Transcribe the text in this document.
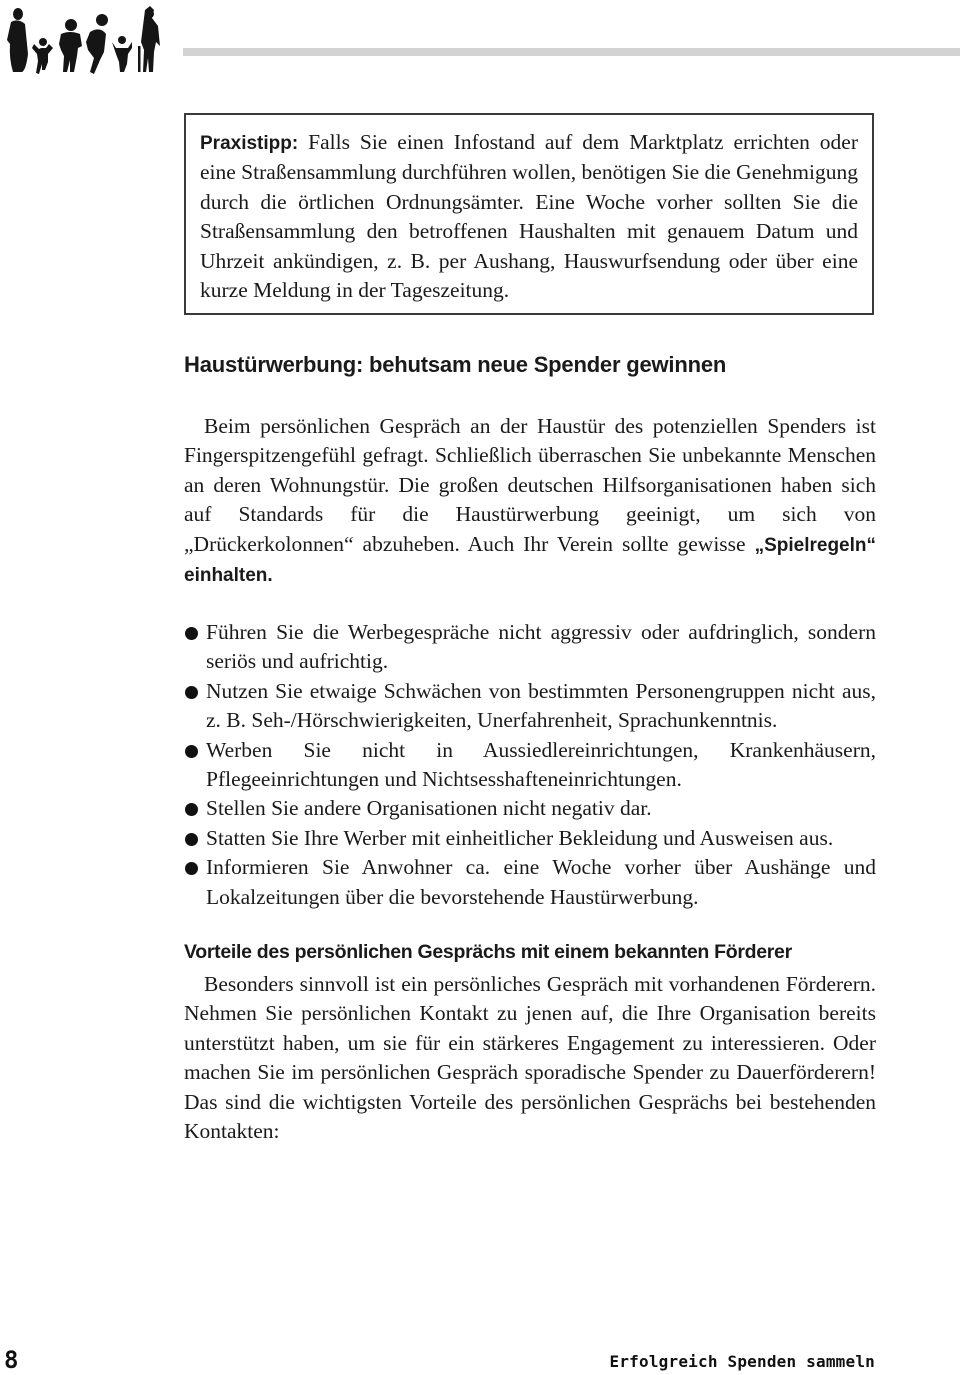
Praxistipp: Falls Sie einen Infostand auf dem Marktplatz errichten oder eine Straßensammlung durchführen wollen, benötigen Sie die Genehmigung durch die örtlichen Ordnungsämter. Eine Woche vorher sollten Sie die Straßensammlung den betroffenen Haushalten mit genauem Datum und Uhrzeit ankündigen, z. B. per Aushang, Hauswurfsendung oder über eine kurze Meldung in der Tageszeitung.

Haustürwerbung: behutsam neue Spender gewinnen

Beim persönlichen Gespräch an der Haustür des potenziellen Spenders ist Fingerspitzengefühl gefragt. Schließlich überraschen Sie unbekannte Menschen an deren Wohnungstür. Die großen deutschen Hilfsorganisationen haben sich auf Standards für die Haustürwerbung geeinigt, um sich von „Drückerkolonnen“ abzuheben. Auch Ihr Verein sollte gewisse „Spielregeln“ einhalten.

Führen Sie die Werbegespräche nicht aggressiv oder aufdringlich, sondern seriös und aufrichtig.
Nutzen Sie etwaige Schwächen von bestimmten Personengruppen nicht aus, z. B. Seh-/Hörschwierigkeiten, Unerfahrenheit, Sprachunkenntnis.
Werben Sie nicht in Aussiedlereinrichtungen, Krankenhäusern, Pflegeeinrichtungen und Nichtsesshafteneinrichtungen.
Stellen Sie andere Organisationen nicht negativ dar.
Statten Sie Ihre Werber mit einheitlicher Bekleidung und Ausweisen aus.
Informieren Sie Anwohner ca. eine Woche vorher über Aushänge und Lokalzeitungen über die bevorstehende Haustürwerbung.
Vorteile des persönlichen Gesprächs mit einem bekannten Förderer

Besonders sinnvoll ist ein persönliches Gespräch mit vorhandenen Förderern. Nehmen Sie persönlichen Kontakt zu jenen auf, die Ihre Organisation bereits unterstützt haben, um sie für ein stärkeres Engagement zu interessieren. Oder machen Sie im persönlichen Gespräch sporadische Spender zu Dauerförderern! Das sind die wichtigsten Vorteile des persönlichen Gesprächs bei bestehenden Kontakten:

8	Erfolgreich Spenden sammeln
